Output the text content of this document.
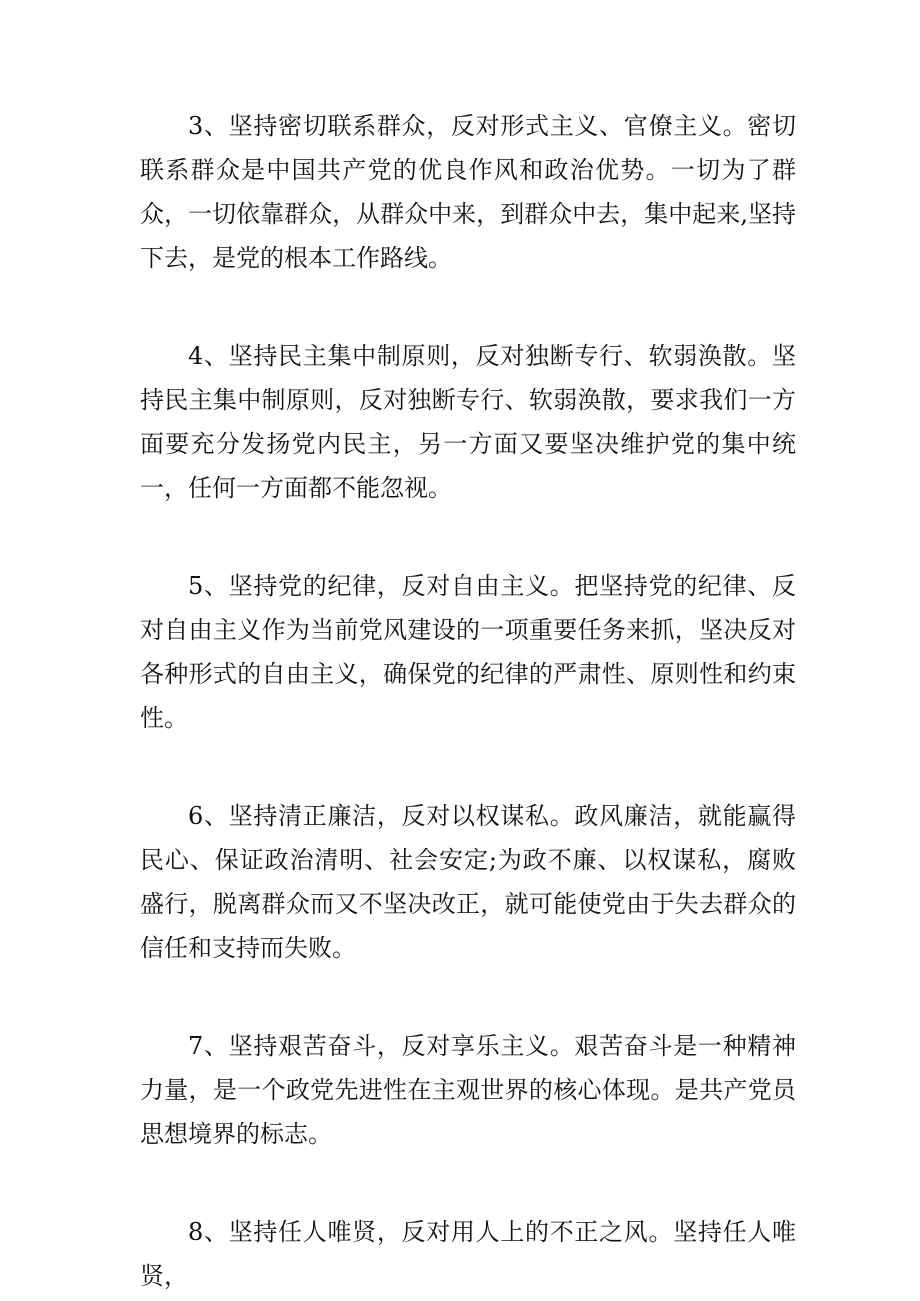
3、坚持密切联系群众，反对形式主义、官僚主义。密切联系群众是中国共产党的优良作风和政治优势。一切为了群众，一切依靠群众，从群众中来，到群众中去，集中起来,坚持下去，是党的根本工作路线。

4、坚持民主集中制原则，反对独断专行、软弱涣散。坚持民主集中制原则，反对独断专行、软弱涣散，要求我们一方面要充分发扬党内民主，另一方面又要坚决维护党的集中统一，任何一方面都不能忽视。

5、坚持党的纪律，反对自由主义。把坚持党的纪律、反对自由主义作为当前党风建设的一项重要任务来抓，坚决反对各种形式的自由主义，确保党的纪律的严肃性、原则性和约束性。

6、坚持清正廉洁，反对以权谋私。政风廉洁，就能赢得民心、保证政治清明、社会安定;为政不廉、以权谋私，腐败盛行，脱离群众而又不坚决改正，就可能使党由于失去群众的信任和支持而失败。

7、坚持艰苦奋斗，反对享乐主义。艰苦奋斗是一种精神力量，是一个政党先进性在主观世界的核心体现。是共产党员思想境界的标志。

8、坚持任人唯贤，反对用人上的不正之风。坚持任人唯贤，
